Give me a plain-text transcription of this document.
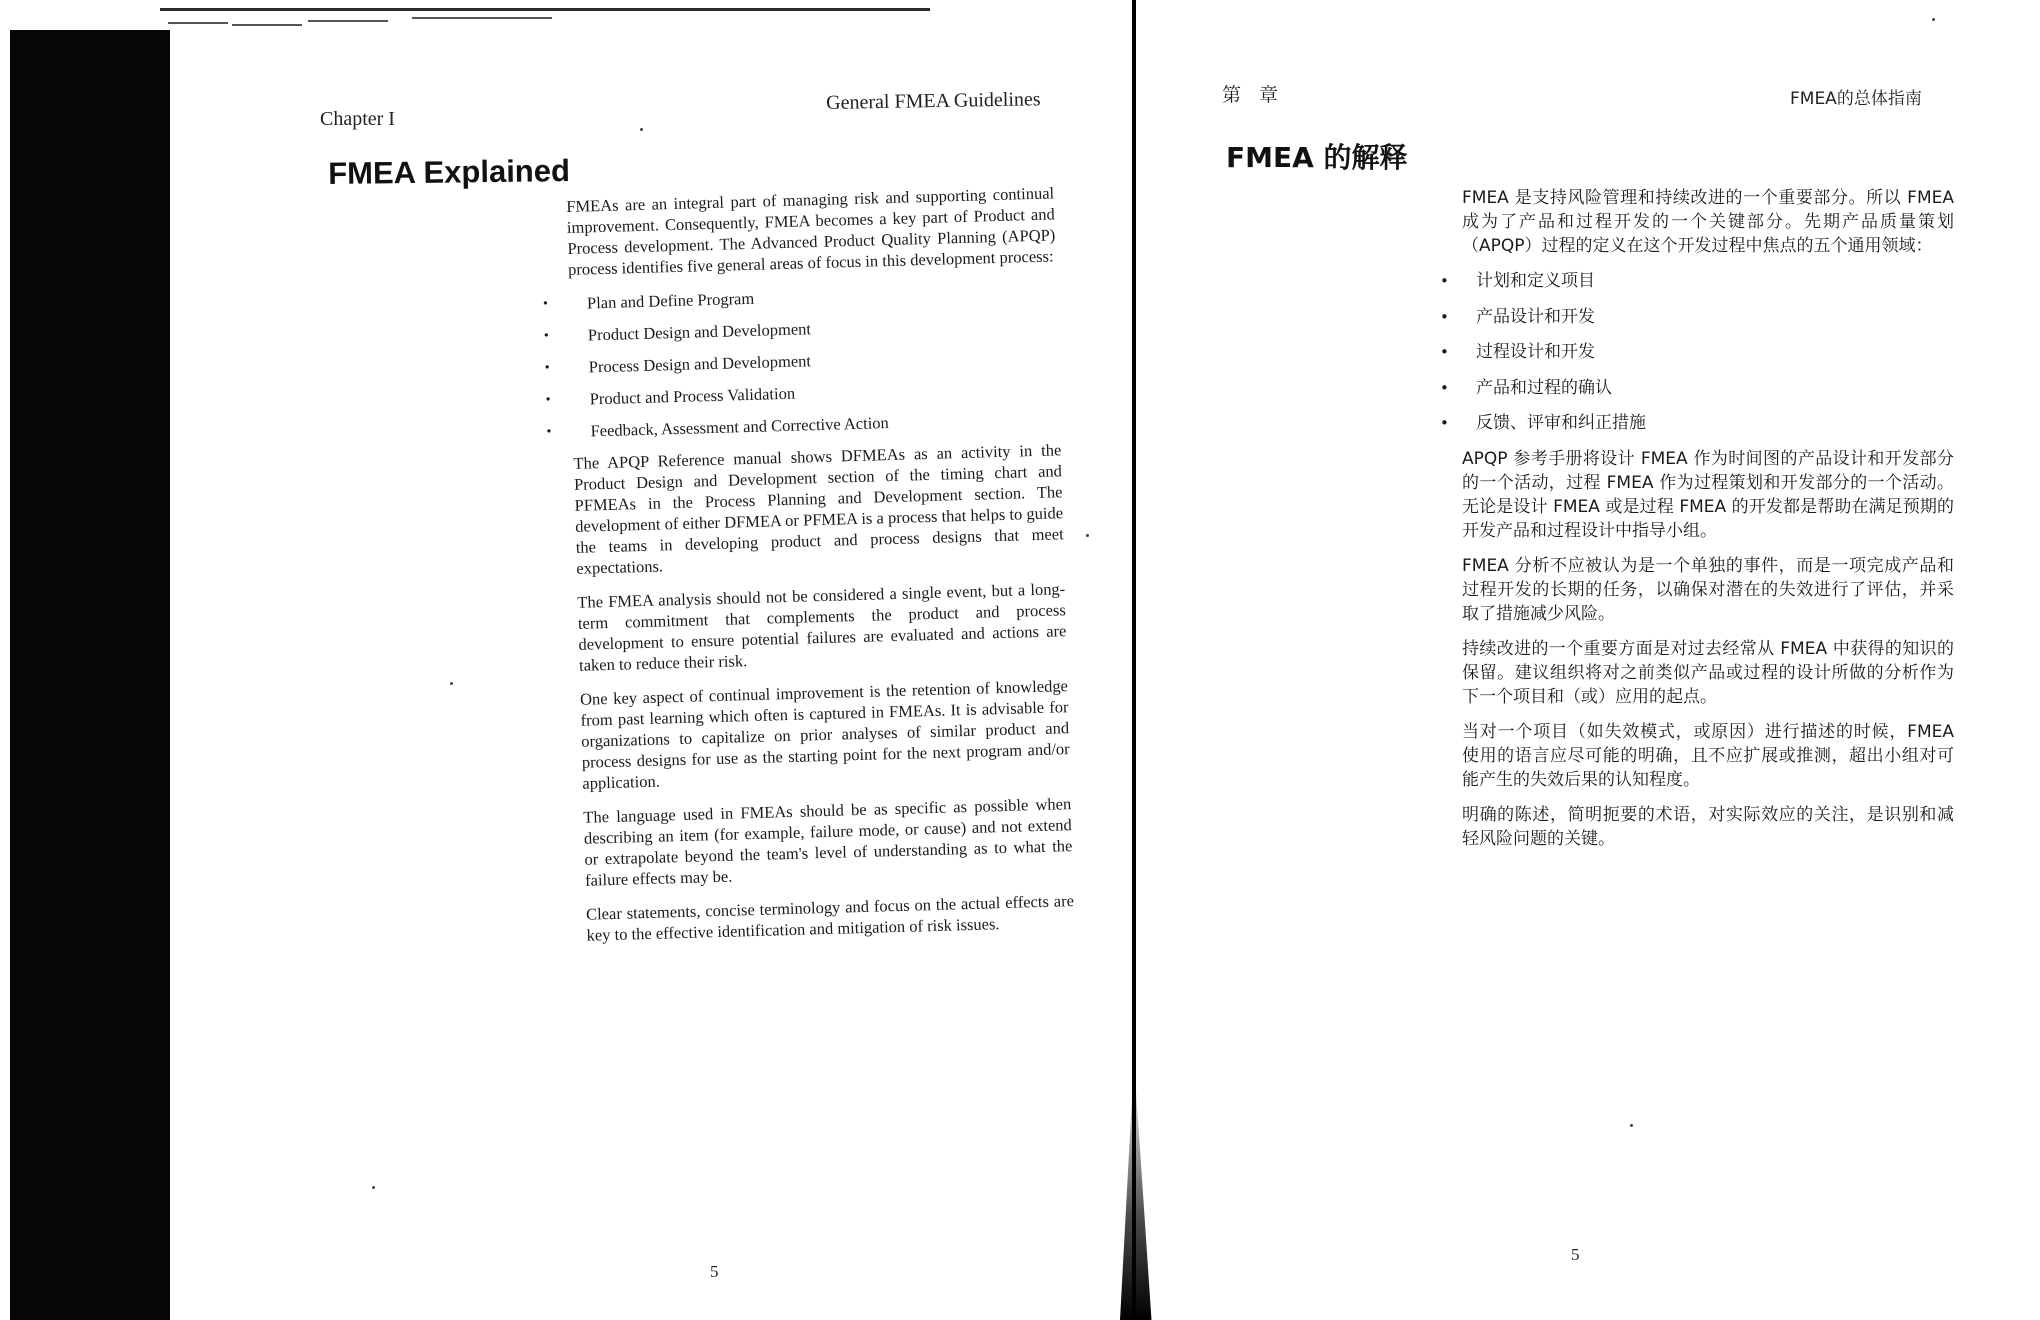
Chapter I
General FMEA Guidelines
FMEA Explained

FMEAs are an integral part of managing risk and supporting continual improvement. Consequently, FMEA becomes a key part of Product and Process development. The Advanced Product Quality Planning (APQP) process identifies five general areas of focus in this development process:

• Plan and Define Program
• Product Design and Development
• Process Design and Development
• Product and Process Validation
• Feedback, Assessment and Corrective Action

The APQP Reference manual shows DFMEAs as an activity in the Product Design and Development section of the timing chart and PFMEAs in the Process Planning and Development section. The development of either DFMEA or PFMEA is a process that helps to guide the teams in developing product and process designs that meet expectations.

The FMEA analysis should not be considered a single event, but a long-term commitment that complements the product and process development to ensure potential failures are evaluated and actions are taken to reduce their risk.

One key aspect of continual improvement is the retention of knowledge from past learning which often is captured in FMEAs. It is advisable for organizations to capitalize on prior analyses of similar product and process designs for use as the starting point for the next program and/or application.

The language used in FMEAs should be as specific as possible when describing an item (for example, failure mode, or cause) and not extend or extrapolate beyond the team's level of understanding as to what the failure effects may be.

Clear statements, concise terminology and focus on the actual effects are key to the effective identification and mitigation of risk issues.

5
第 章	FMEA的总体指南
FMEA 的解释

FMEA 是支持风险管理和持续改进的一个重要部分。所以 FMEA 成为了产品和过程开发的一个关键部分。先期产品质量策划（APQP）过程的定义在这个开发过程中焦点的五个通用领域：

• 计划和定义项目
• 产品设计和开发
• 过程设计和开发
• 产品和过程的确认
• 反馈、评审和纠正措施

APQP 参考手册将设计 FMEA 作为时间图的产品设计和开发部分的一个活动，过程 FMEA 作为过程策划和开发部分的一个活动。无论是设计 FMEA 或是过程 FMEA 的开发都是帮助在满足预期的开发产品和过程设计中指导小组。

FMEA 分析不应被认为是一个单独的事件，而是一项完成产品和过程开发的长期的任务，以确保对潜在的失效进行了评估，并采取了措施减少风险。

持续改进的一个重要方面是对过去经常从 FMEA 中获得的知识的保留。建议组织将对之前类似产品或过程的设计所做的分析作为下一个项目和（或）应用的起点。

当对一个项目（如失效模式，或原因）进行描述的时候，FMEA 使用的语言应尽可能的明确，且不应扩展或推测，超出小组对可能产生的失效后果的认知程度。

明确的陈述，简明扼要的术语，对实际效应的关注，是识别和减轻风险问题的关键。

5
